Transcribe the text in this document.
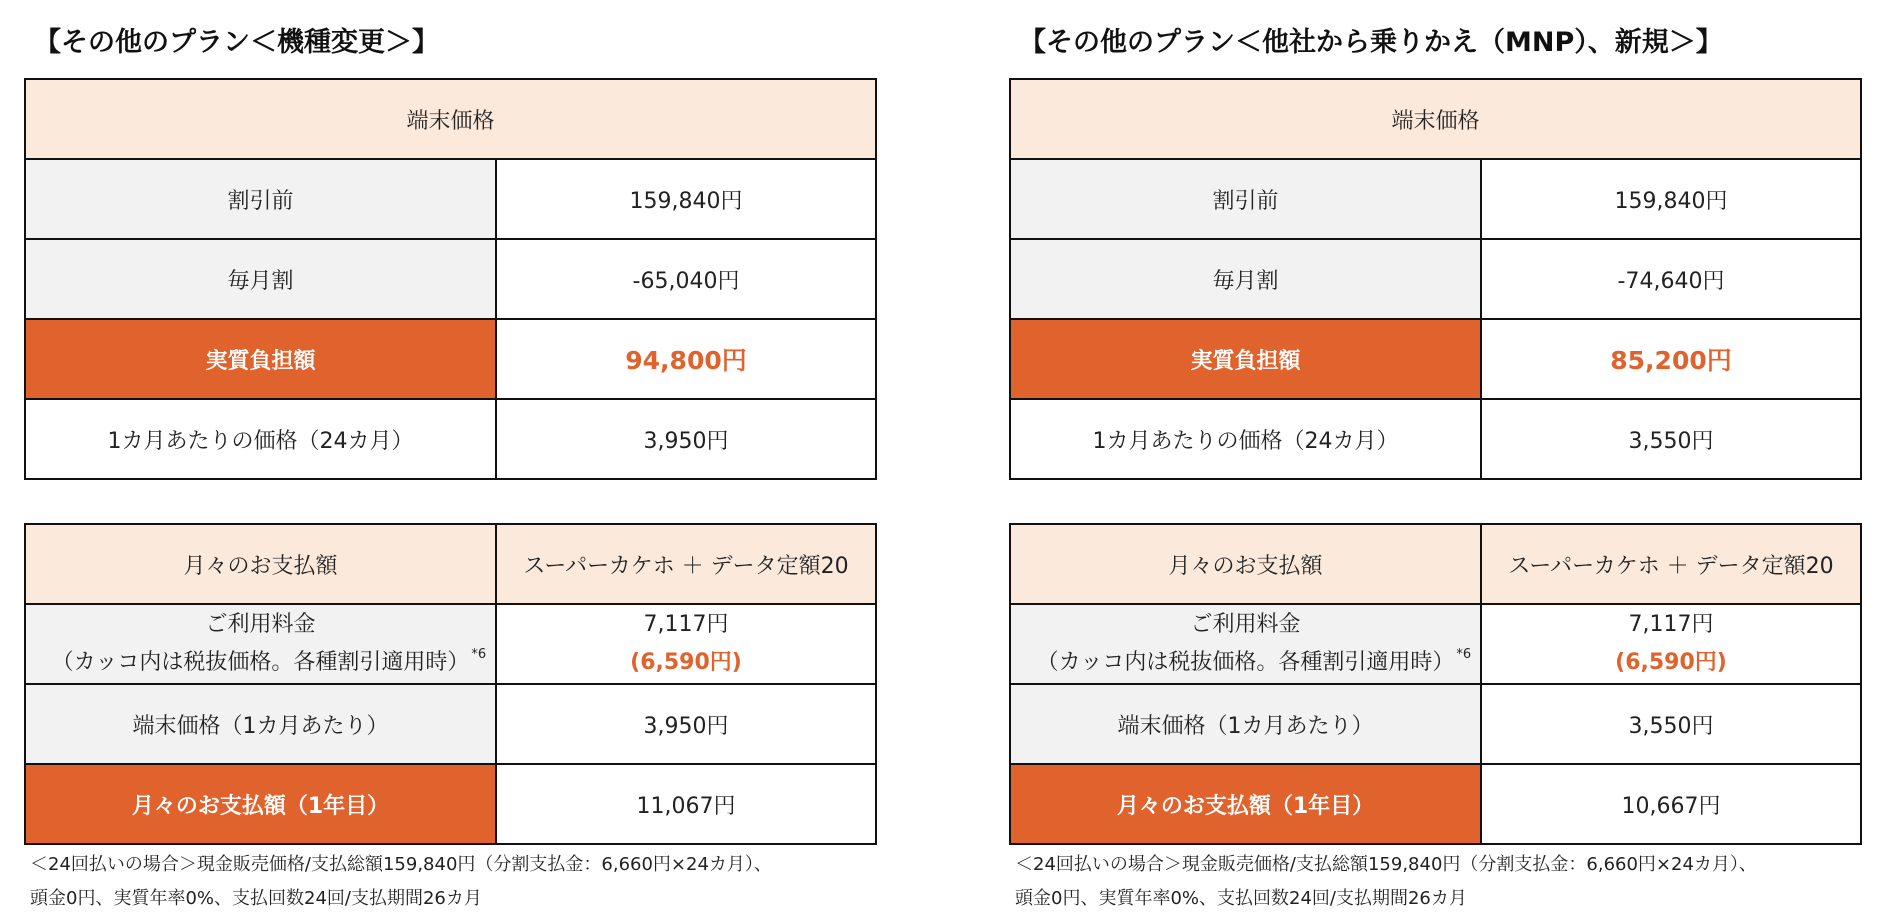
【その他のプラン＜機種変更＞】
端末価格	
割引前	159,840円
毎月割	-65,040円
実質負担額	94,800円
1カ月あたりの価格（24カ月）	3,950円
月々のお支払額	スーパーカケホ ＋ データ定額20

ご利用料金
（カッコ内は税抜価格。各種割引適用時） *6	7,117円
(6,590円)

端末価格（1カ月あたり）	3,950円
月々のお支払額（1年目）	11,067円
＜24回払いの場合＞現金販売価格/支払総額159,840円（分割支払金：6,660円×24カ月）、
頭金0円、実質年率0%、支払回数24回/支払期間26カ月
【その他のプラン＜他社から乗りかえ（MNP）、新規＞】
端末価格	
割引前	159,840円
毎月割	-74,640円
実質負担額	85,200円
1カ月あたりの価格（24カ月）	3,550円
月々のお支払額	スーパーカケホ ＋ データ定額20

ご利用料金
（カッコ内は税抜価格。各種割引適用時） *6	7,117円
(6,590円)

端末価格（1カ月あたり）	3,550円
月々のお支払額（1年目）	10,667円
＜24回払いの場合＞現金販売価格/支払総額159,840円（分割支払金：6,660円×24カ月）、
頭金0円、実質年率0%、支払回数24回/支払期間26カ月
